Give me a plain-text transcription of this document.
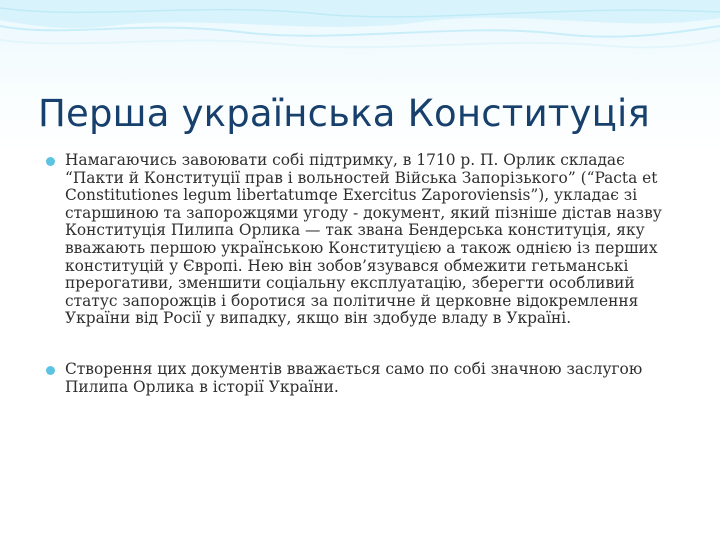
Перша українська Конституція
Намагаючись завоювати собі підтримку, в 1710 р. П. Орлик складає “Пакти й Конституції прав і вольностей Війська Запорізького” (“Pacta et Constitutiones legum libertatumqe Exercitus Zaporoviensis”), укладає зі старшиною та запорожцями угоду - документ, який пізніше дістав назву Конституція Пилипа Орлика — так звана Бендерська конституція, яку вважають першою українською Конституцією а також однією із перших конституцій у Європі. Нею він зобов’язувався обмежити гетьманські прерогативи, зменшити соціальну експлуатацію, зберегти особливий статус запорожців і боротися за політичне й церковне відокремлення України від Росії у випадку, якщо він здобуде владу в Україні.
Створення цих документів вважається само по собі значною заслугою Пилипа Орлика в історії України.
